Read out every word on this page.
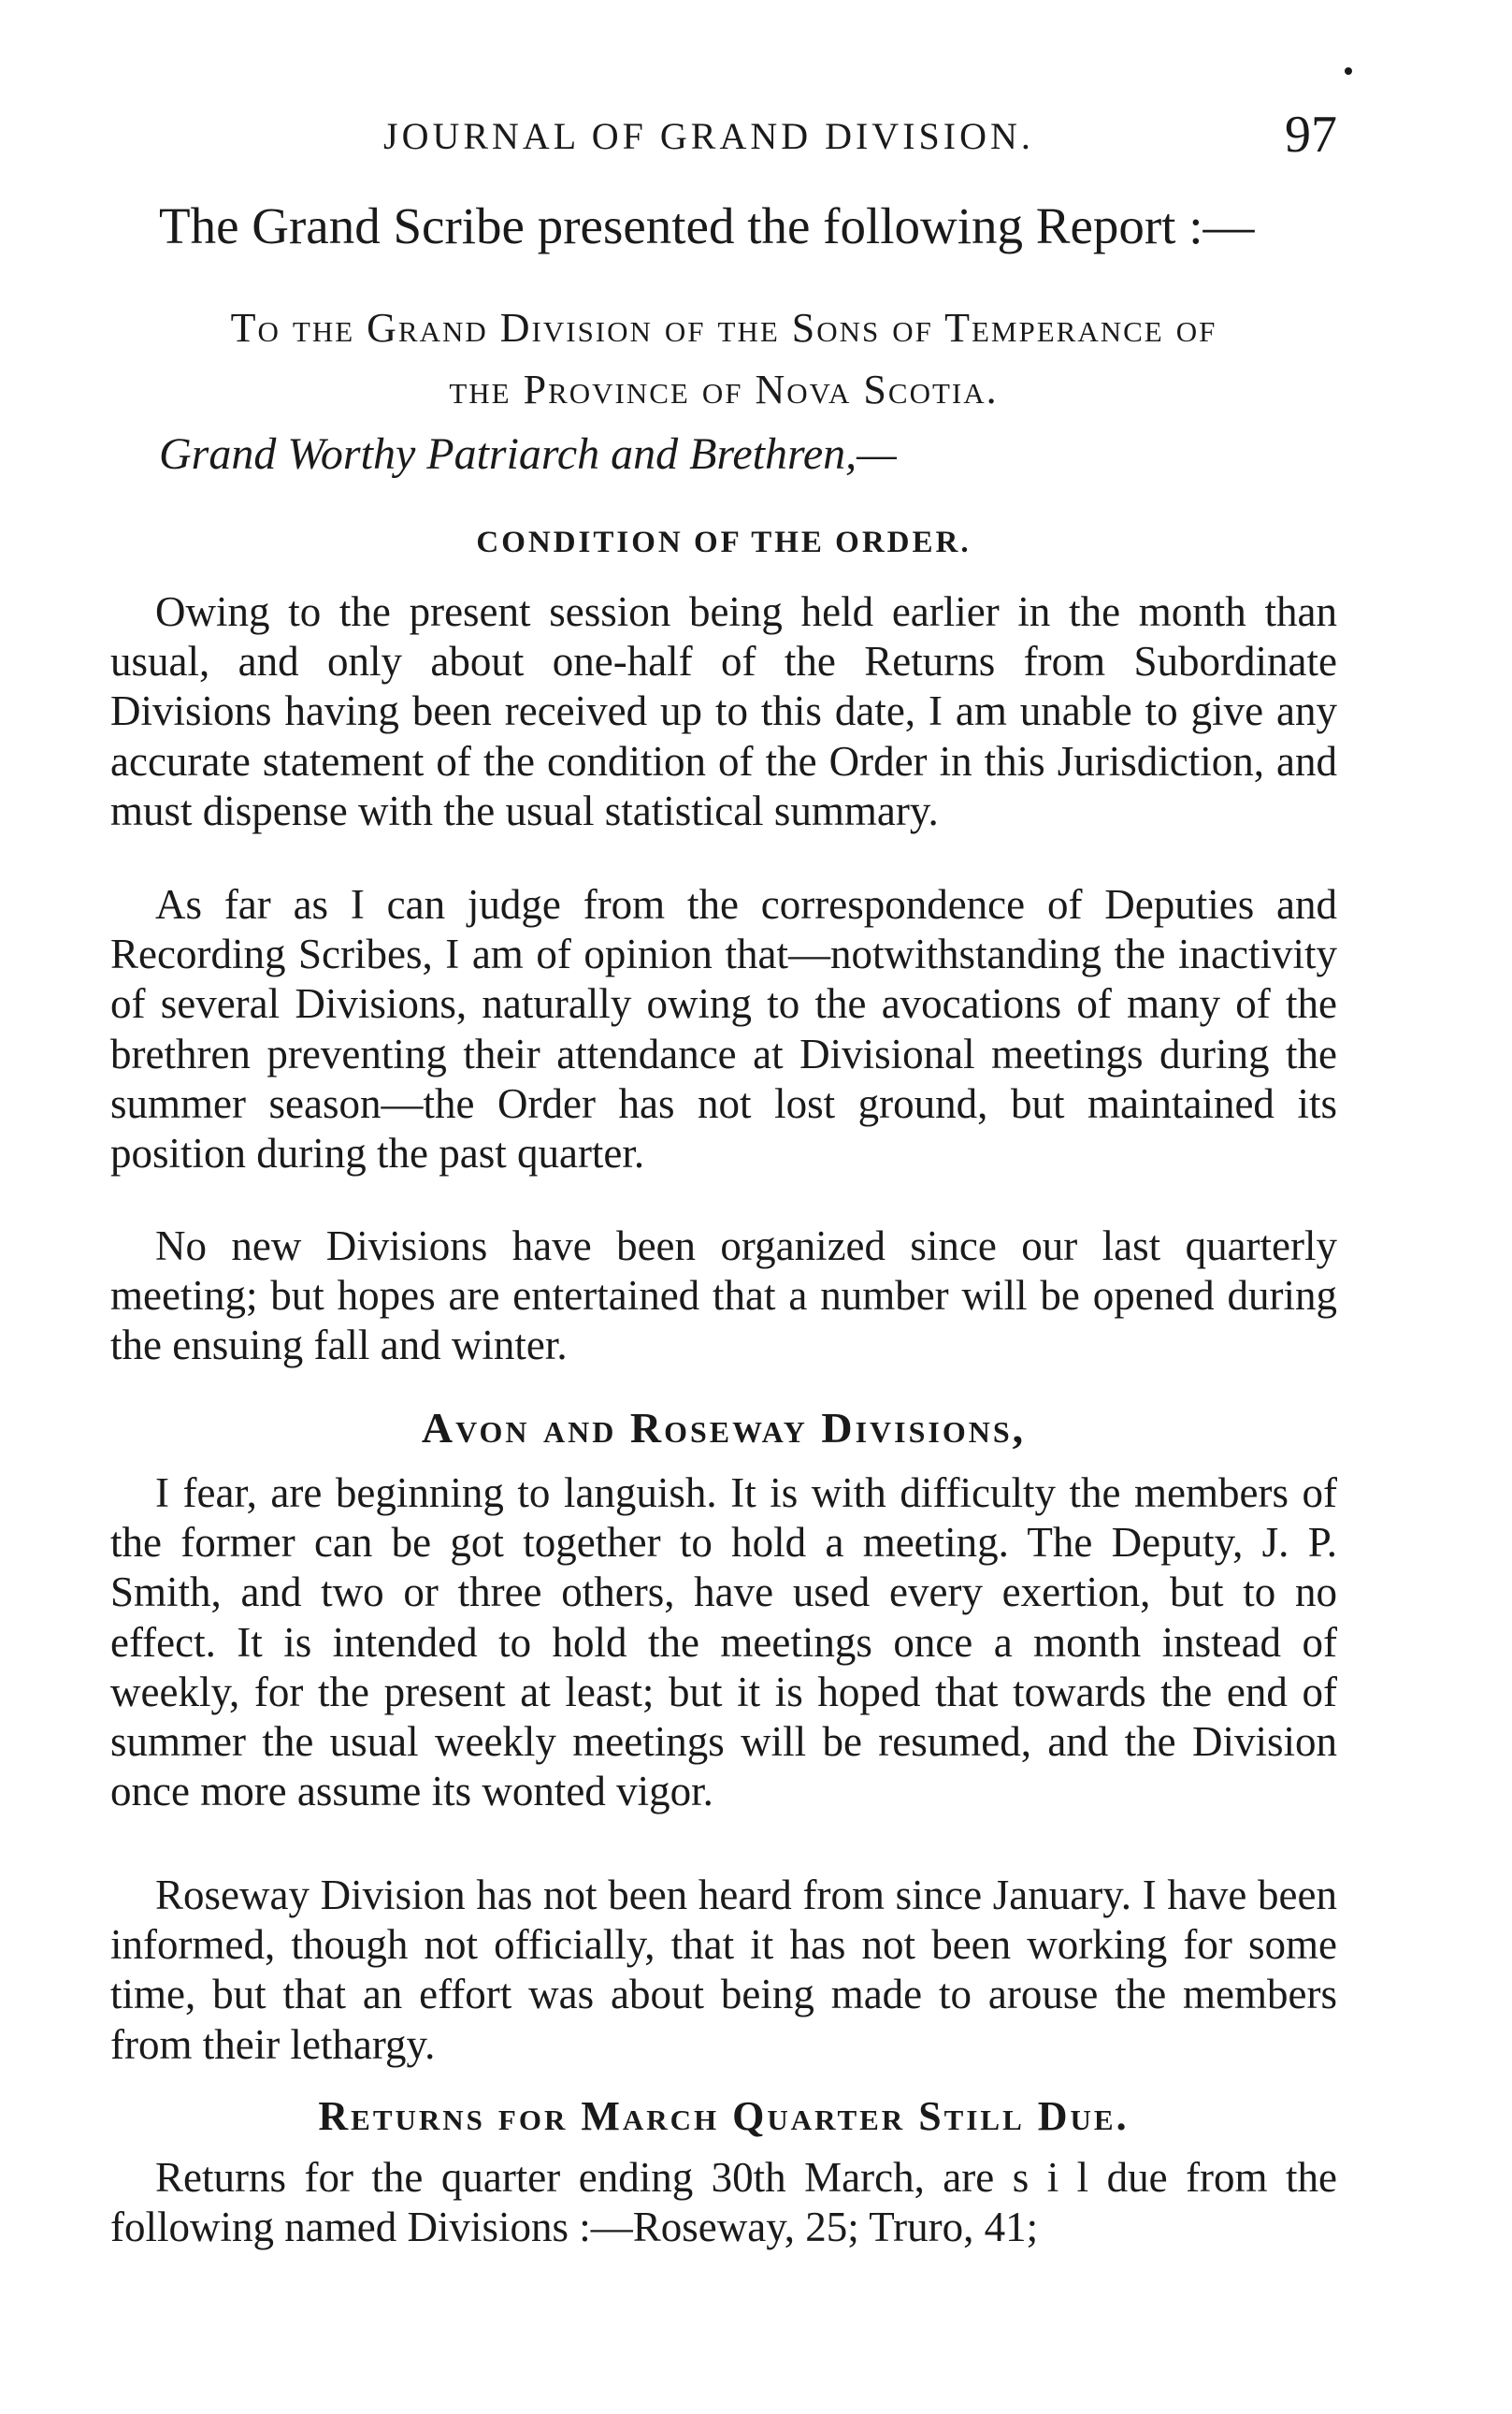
JOURNAL OF GRAND DIVISION.	97

The Grand Scribe presented the following Report :—

To the Grand Division of the Sons of Temperance of
the Province of Nova Scotia.

Grand Worthy Patriarch and Brethren,—

CONDITION OF THE ORDER.

Owing to the present session being held earlier in the month than usual, and only about one-half of the Returns from Subordinate Divisions having been received up to this date, I am unable to give any accurate statement of the condition of the Order in this Jurisdiction, and must dispense with the usual statistical summary.

As far as I can judge from the correspondence of Deputies and Recording Scribes, I am of opinion that—notwithstanding the inactivity of several Divisions, naturally owing to the avocations of many of the brethren preventing their attendance at Divisional meetings during the summer season—the Order has not lost ground, but maintained its position during the past quarter.

No new Divisions have been organized since our last quarterly meeting; but hopes are entertained that a number will be opened during the ensuing fall and winter.

Avon and Roseway Divisions,

I fear, are beginning to languish. It is with difficulty the members of the former can be got together to hold a meeting. The Deputy, J. P. Smith, and two or three others, have used every exertion, but to no effect. It is intended to hold the meetings once a month instead of weekly, for the present at least; but it is hoped that towards the end of summer the usual weekly meetings will be resumed, and the Division once more assume its wonted vigor.

Roseway Division has not been heard from since January. I have been informed, though not officially, that it has not been working for some time, but that an effort was about being made to arouse the members from their lethargy.

Returns for March Quarter Still Due.

Returns for the quarter ending 30th March, are s i l due from the following named Divisions :—Roseway, 25; Truro, 41;
